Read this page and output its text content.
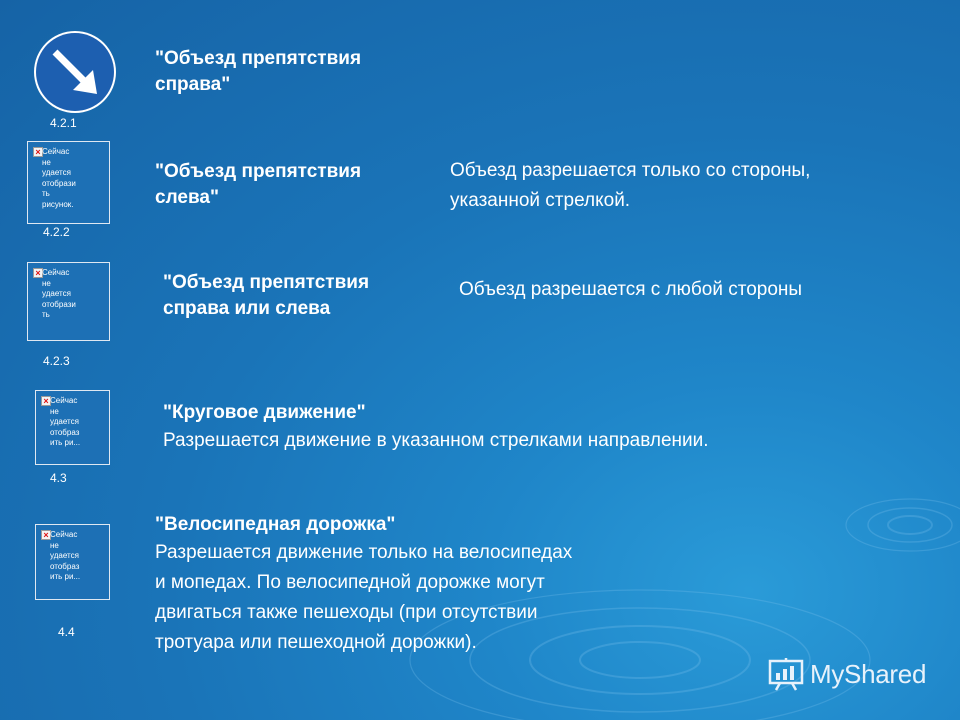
4.2.1
"Объезд препятствия
справа"
× Сейчас
не
удается
отобрази
ть
рисунок.
4.2.2
"Объезд препятствия
слева"
Объезд разрешается только со стороны,
указанной стрелкой.
× Сейчас
не
удается
отобрази
ть
4.2.3
"Объезд препятствия
справа или слева
Объезд разрешается с любой стороны
× Сейчас
не
удается
отобраз
ить ри...
4.3
"Круговое движение"
Разрешается движение в указанном стрелками направлении.
× Сейчас
не
удается
отобраз
ить ри...
4.4
"Велосипедная дорожка"
Разрешается движение только на велосипедах
и мопедах. По велосипедной дорожке могут
двигаться также пешеходы (при отсутствии
тротуара или пешеходной дорожки).
MyShared
